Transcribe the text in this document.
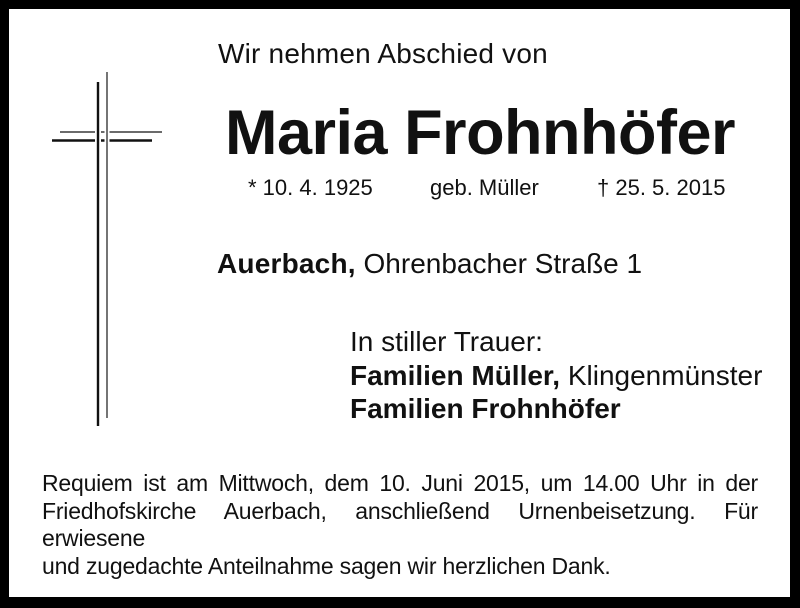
Wir nehmen Abschied von
Maria Frohnhöfer
* 10. 4. 1925	geb. Müller	† 25. 5. 2015
Auerbach, Ohrenbacher Straße 1
In stiller Trauer:
Familien Müller, Klingenmünster
Familien Frohnhöfer
Requiem ist am Mittwoch, dem 10. Juni 2015, um 14.00 Uhr in der
Friedhofskirche Auerbach, anschließend Urnenbeisetzung. Für erwiesene
und zugedachte Anteilnahme sagen wir herzlichen Dank.
